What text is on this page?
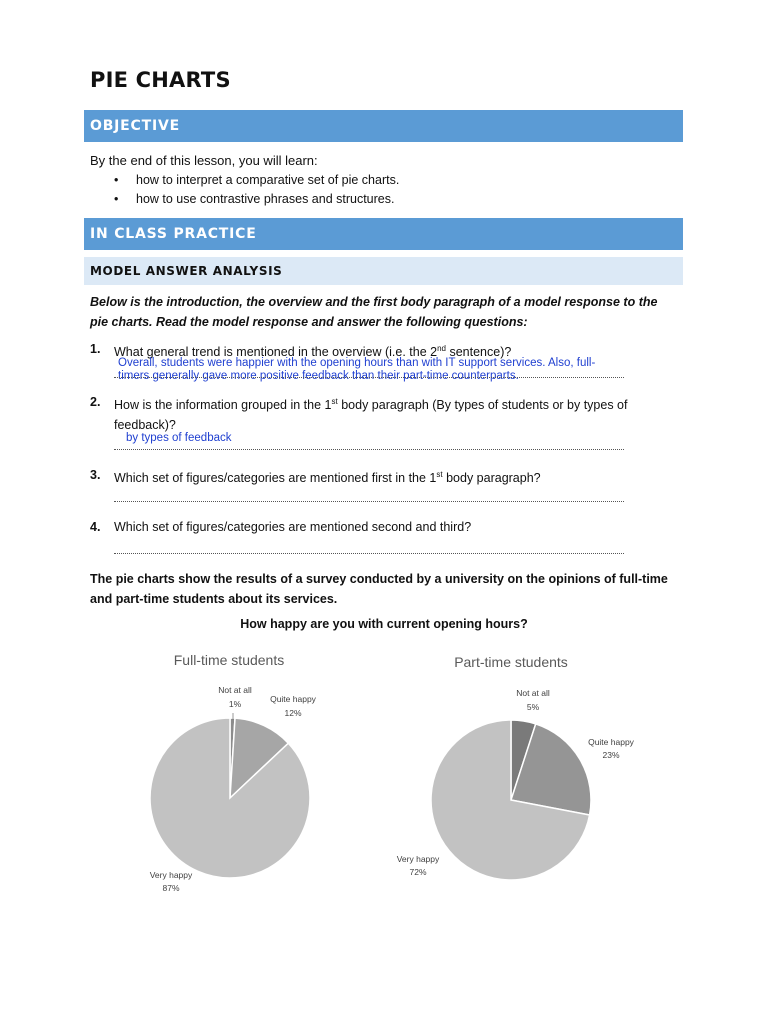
PIE CHARTS
OBJECTIVE
By the end of this lesson, you will learn:
• how to interpret a comparative set of pie charts.
• how to use contrastive phrases and structures.
IN CLASS PRACTICE
MODEL ANSWER ANALYSIS
Below is the introduction, the overview and the first body paragraph of a model response to the pie charts. Read the model response and answer the following questions:
1. What general trend is mentioned in the overview (i.e. the 2nd sentence)?
Overall, students were happier with the opening hours than with IT support services. Also, full-timers generally gave more positive feedback than their part-time counterparts.
2. How is the information grouped in the 1st body paragraph (By types of students or by types of feedback)?
by types of feedback
3. Which set of figures/categories are mentioned first in the 1st body paragraph?
4. Which set of figures/categories are mentioned second and third?
The pie charts show the results of a survey conducted by a university on the opinions of full-time and part-time students about its services.
How happy are you with current opening hours?
Full-time students
Not at all
1%	Quite happy
12%
Very happy
87%
Part-time students
Not at all
5%
Quite happy
23%
Very happy
72%
